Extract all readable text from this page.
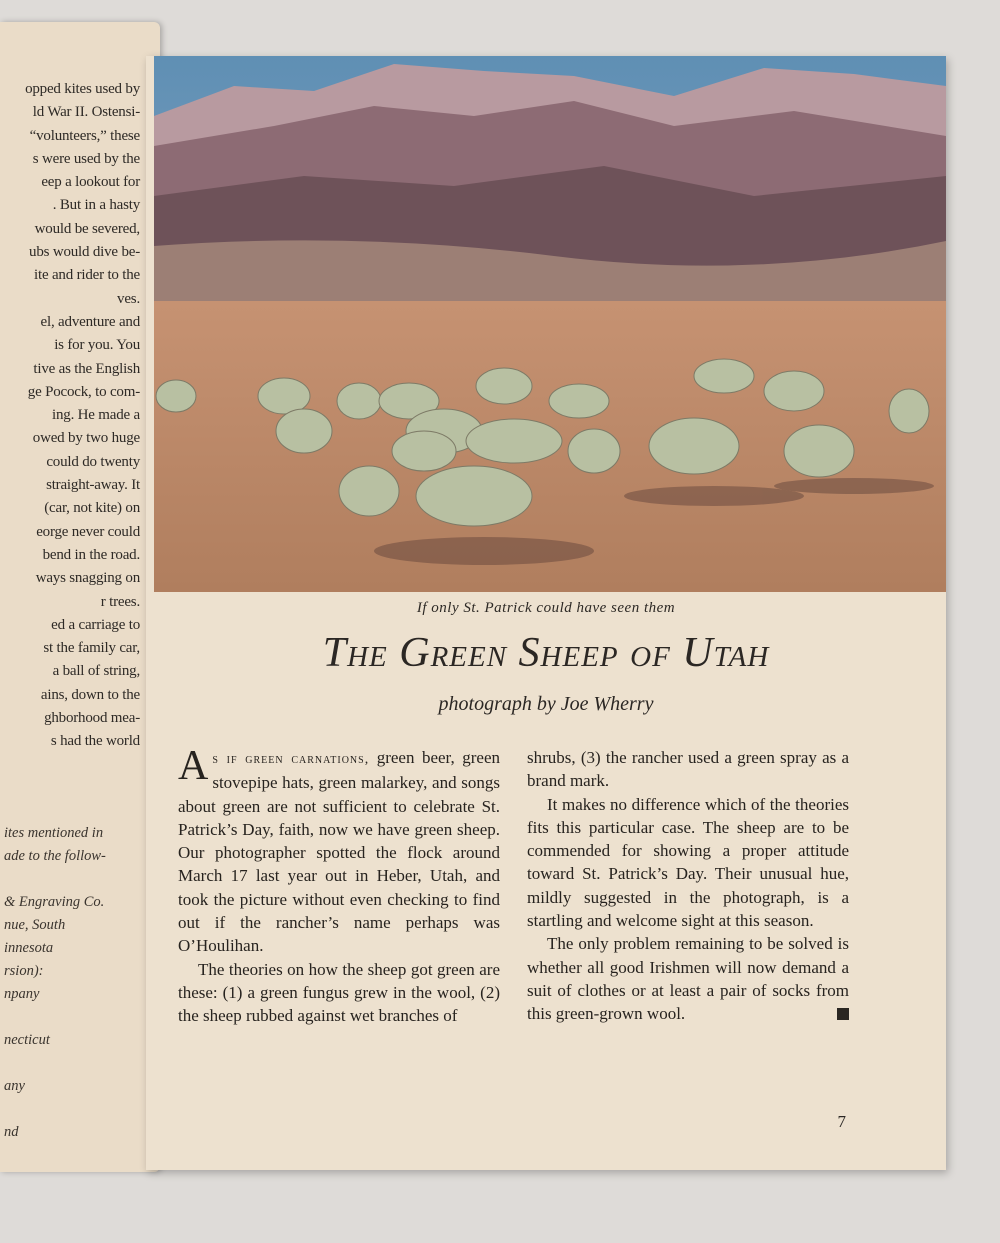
opped kites used by
ld War II. Ostensi-
“volunteers,” these
s were used by the
eep a lookout for
. But in a hasty
would be severed,
ubs would dive be-
ite and rider to the
ves.
el, adventure and
is for you. You
tive as the English
ge Pocock, to com-
ing. He made a
owed by two huge
could do twenty
straight-away. It
(car, not kite) on
eorge never could
bend in the road.
ways snagging on
r trees.
ed a carriage to
st the family car,
a ball of string,
ains, down to the
ghborhood mea-
s had the world
ites mentioned in
ade to the follow-
& Engraving Co.
nue, South
innesota
rsion):
npany
necticut
any
nd
If only St. Patrick could have seen them
The Green Sheep of Utah
photograph by Joe Wherry

As if green carnations, green beer, green stovepipe hats, green malarkey, and songs about green are not sufficient to celebrate St. Patrick’s Day, faith, now we have green sheep. Our photographer spotted the flock around March 17 last year out in Heber, Utah, and took the picture without even checking to find out if the rancher’s name perhaps was O’Houlihan.

The theories on how the sheep got green are these: (1) a green fungus grew in the wool, (2) the sheep rubbed against wet branches of

shrubs, (3) the rancher used a green spray as a brand mark.

It makes no difference which of the theories fits this particular case. The sheep are to be commended for showing a proper attitude toward St. Patrick’s Day. Their unusual hue, mildly suggested in the photograph, is a startling and welcome sight at this season.

The only problem remaining to be solved is whether all good Irishmen will now demand a suit of clothes or at least a pair of socks from this green-grown wool.

7
